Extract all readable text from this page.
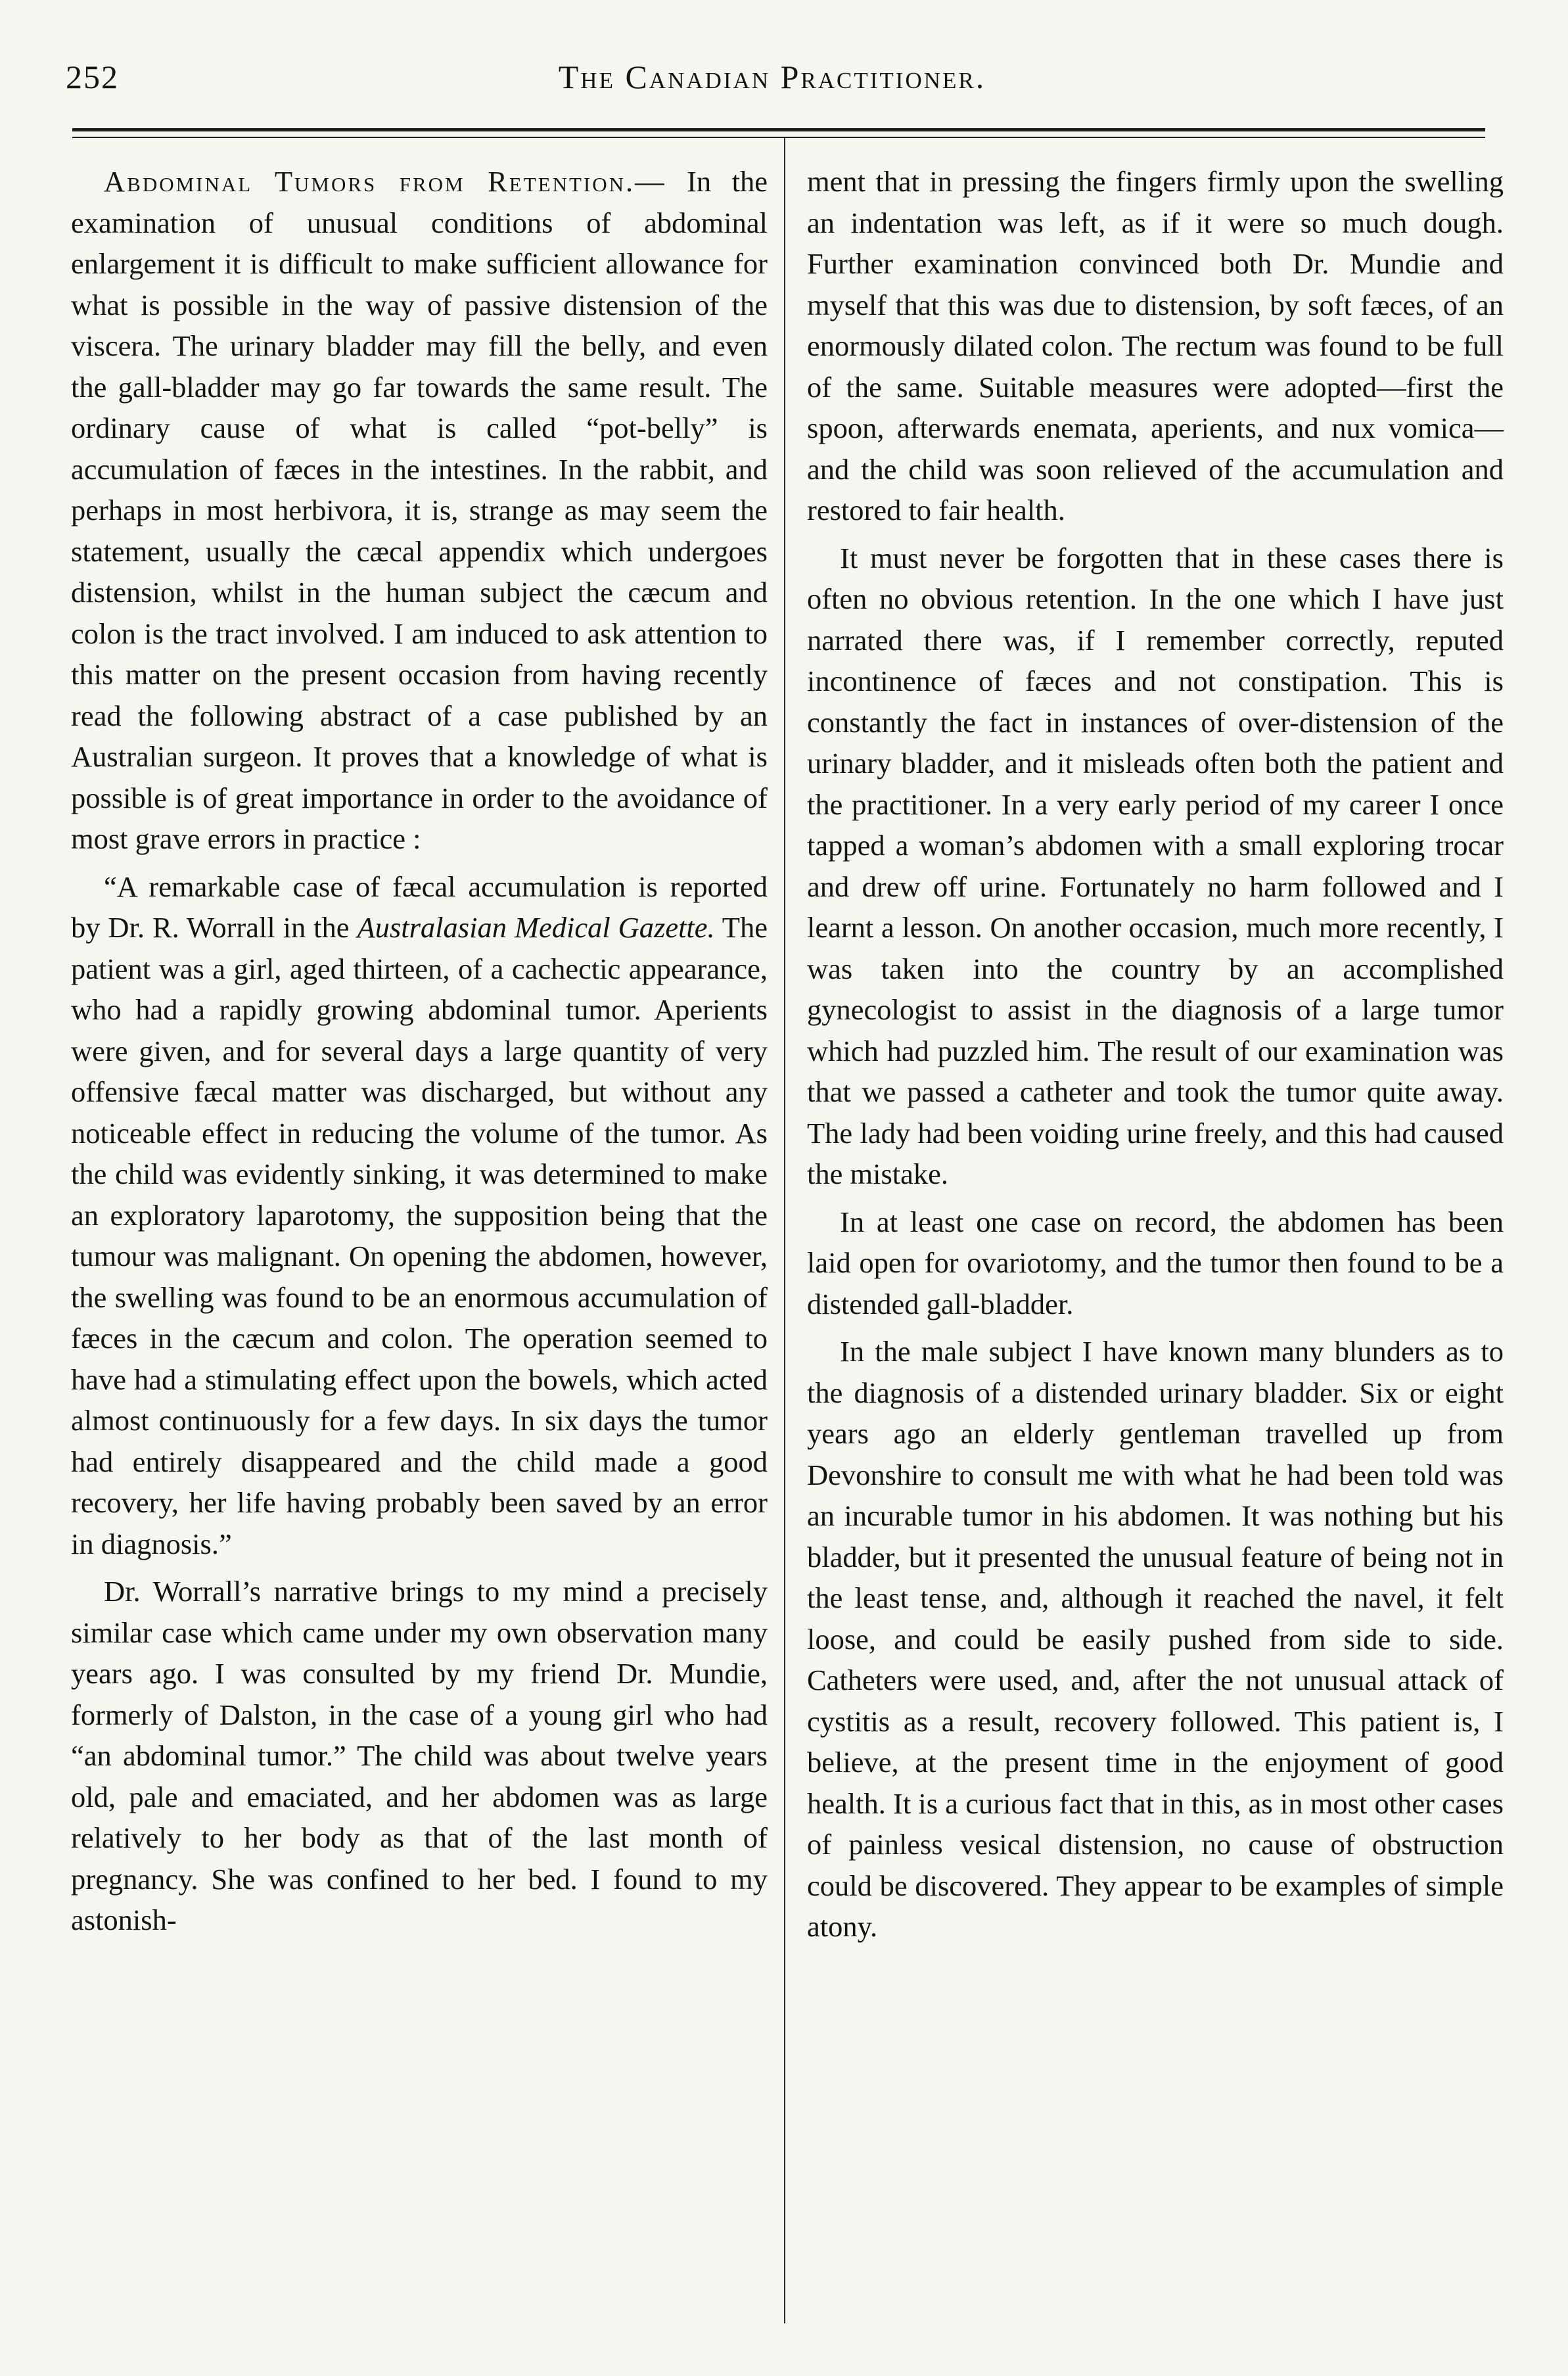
252	The Canadian Practitioner.

Abdominal Tumors from Retention.— In the examination of unusual conditions of abdominal enlargement it is difficult to make sufficient allowance for what is possible in the way of passive distension of the viscera. The urinary bladder may fill the belly, and even the gall-bladder may go far towards the same result. The ordinary cause of what is called “pot-belly” is accumulation of fæces in the intestines. In the rabbit, and perhaps in most herbivora, it is, strange as may seem the statement, usually the cæcal appendix which undergoes distension, whilst in the human subject the cæcum and colon is the tract involved. I am induced to ask attention to this matter on the present occasion from having recently read the following abstract of a case published by an Australian surgeon. It proves that a knowledge of what is possible is of great importance in order to the avoidance of most grave errors in practice :

“A remarkable case of fæcal accumulation is reported by Dr. R. Worrall in the Australasian Medical Gazette. The patient was a girl, aged thirteen, of a cachectic appearance, who had a rapidly growing abdominal tumor. Aperients were given, and for several days a large quantity of very offensive fæcal matter was discharged, but without any noticeable effect in reducing the volume of the tumor. As the child was evidently sinking, it was determined to make an exploratory laparotomy, the supposition being that the tumour was malignant. On opening the abdomen, however, the swelling was found to be an enormous accumulation of fæces in the cæcum and colon. The operation seemed to have had a stimulating effect upon the bowels, which acted almost continuously for a few days. In six days the tumor had entirely disappeared and the child made a good recovery, her life having probably been saved by an error in diagnosis.”

Dr. Worrall’s narrative brings to my mind a precisely similar case which came under my own observation many years ago. I was consulted by my friend Dr. Mundie, formerly of Dalston, in the case of a young girl who had “an abdominal tumor.” The child was about twelve years old, pale and emaciated, and her abdomen was as large relatively to her body as that of the last month of pregnancy. She was confined to her bed. I found to my astonish-

ment that in pressing the fingers firmly upon the swelling an indentation was left, as if it were so much dough. Further examination convinced both Dr. Mundie and myself that this was due to distension, by soft fæces, of an enormously dilated colon. The rectum was found to be full of the same. Suitable measures were adopted—first the spoon, afterwards enemata, aperients, and nux vomica—and the child was soon relieved of the accumulation and restored to fair health.

It must never be forgotten that in these cases there is often no obvious retention. In the one which I have just narrated there was, if I remember correctly, reputed incontinence of fæces and not constipation. This is constantly the fact in instances of over-distension of the urinary bladder, and it misleads often both the patient and the practitioner. In a very early period of my career I once tapped a woman’s abdomen with a small exploring trocar and drew off urine. Fortunately no harm followed and I learnt a lesson. On another occasion, much more recently, I was taken into the country by an accomplished gynecologist to assist in the diagnosis of a large tumor which had puzzled him. The result of our examination was that we passed a catheter and took the tumor quite away. The lady had been voiding urine freely, and this had caused the mistake.

In at least one case on record, the abdomen has been laid open for ovariotomy, and the tumor then found to be a distended gall-bladder.

In the male subject I have known many blunders as to the diagnosis of a distended urinary bladder. Six or eight years ago an elderly gentleman travelled up from Devonshire to consult me with what he had been told was an incurable tumor in his abdomen. It was nothing but his bladder, but it presented the unusual feature of being not in the least tense, and, although it reached the navel, it felt loose, and could be easily pushed from side to side. Catheters were used, and, after the not unusual attack of cystitis as a result, recovery followed. This patient is, I believe, at the present time in the enjoyment of good health. It is a curious fact that in this, as in most other cases of painless vesical distension, no cause of obstruction could be discovered. They appear to be examples of simple atony.
